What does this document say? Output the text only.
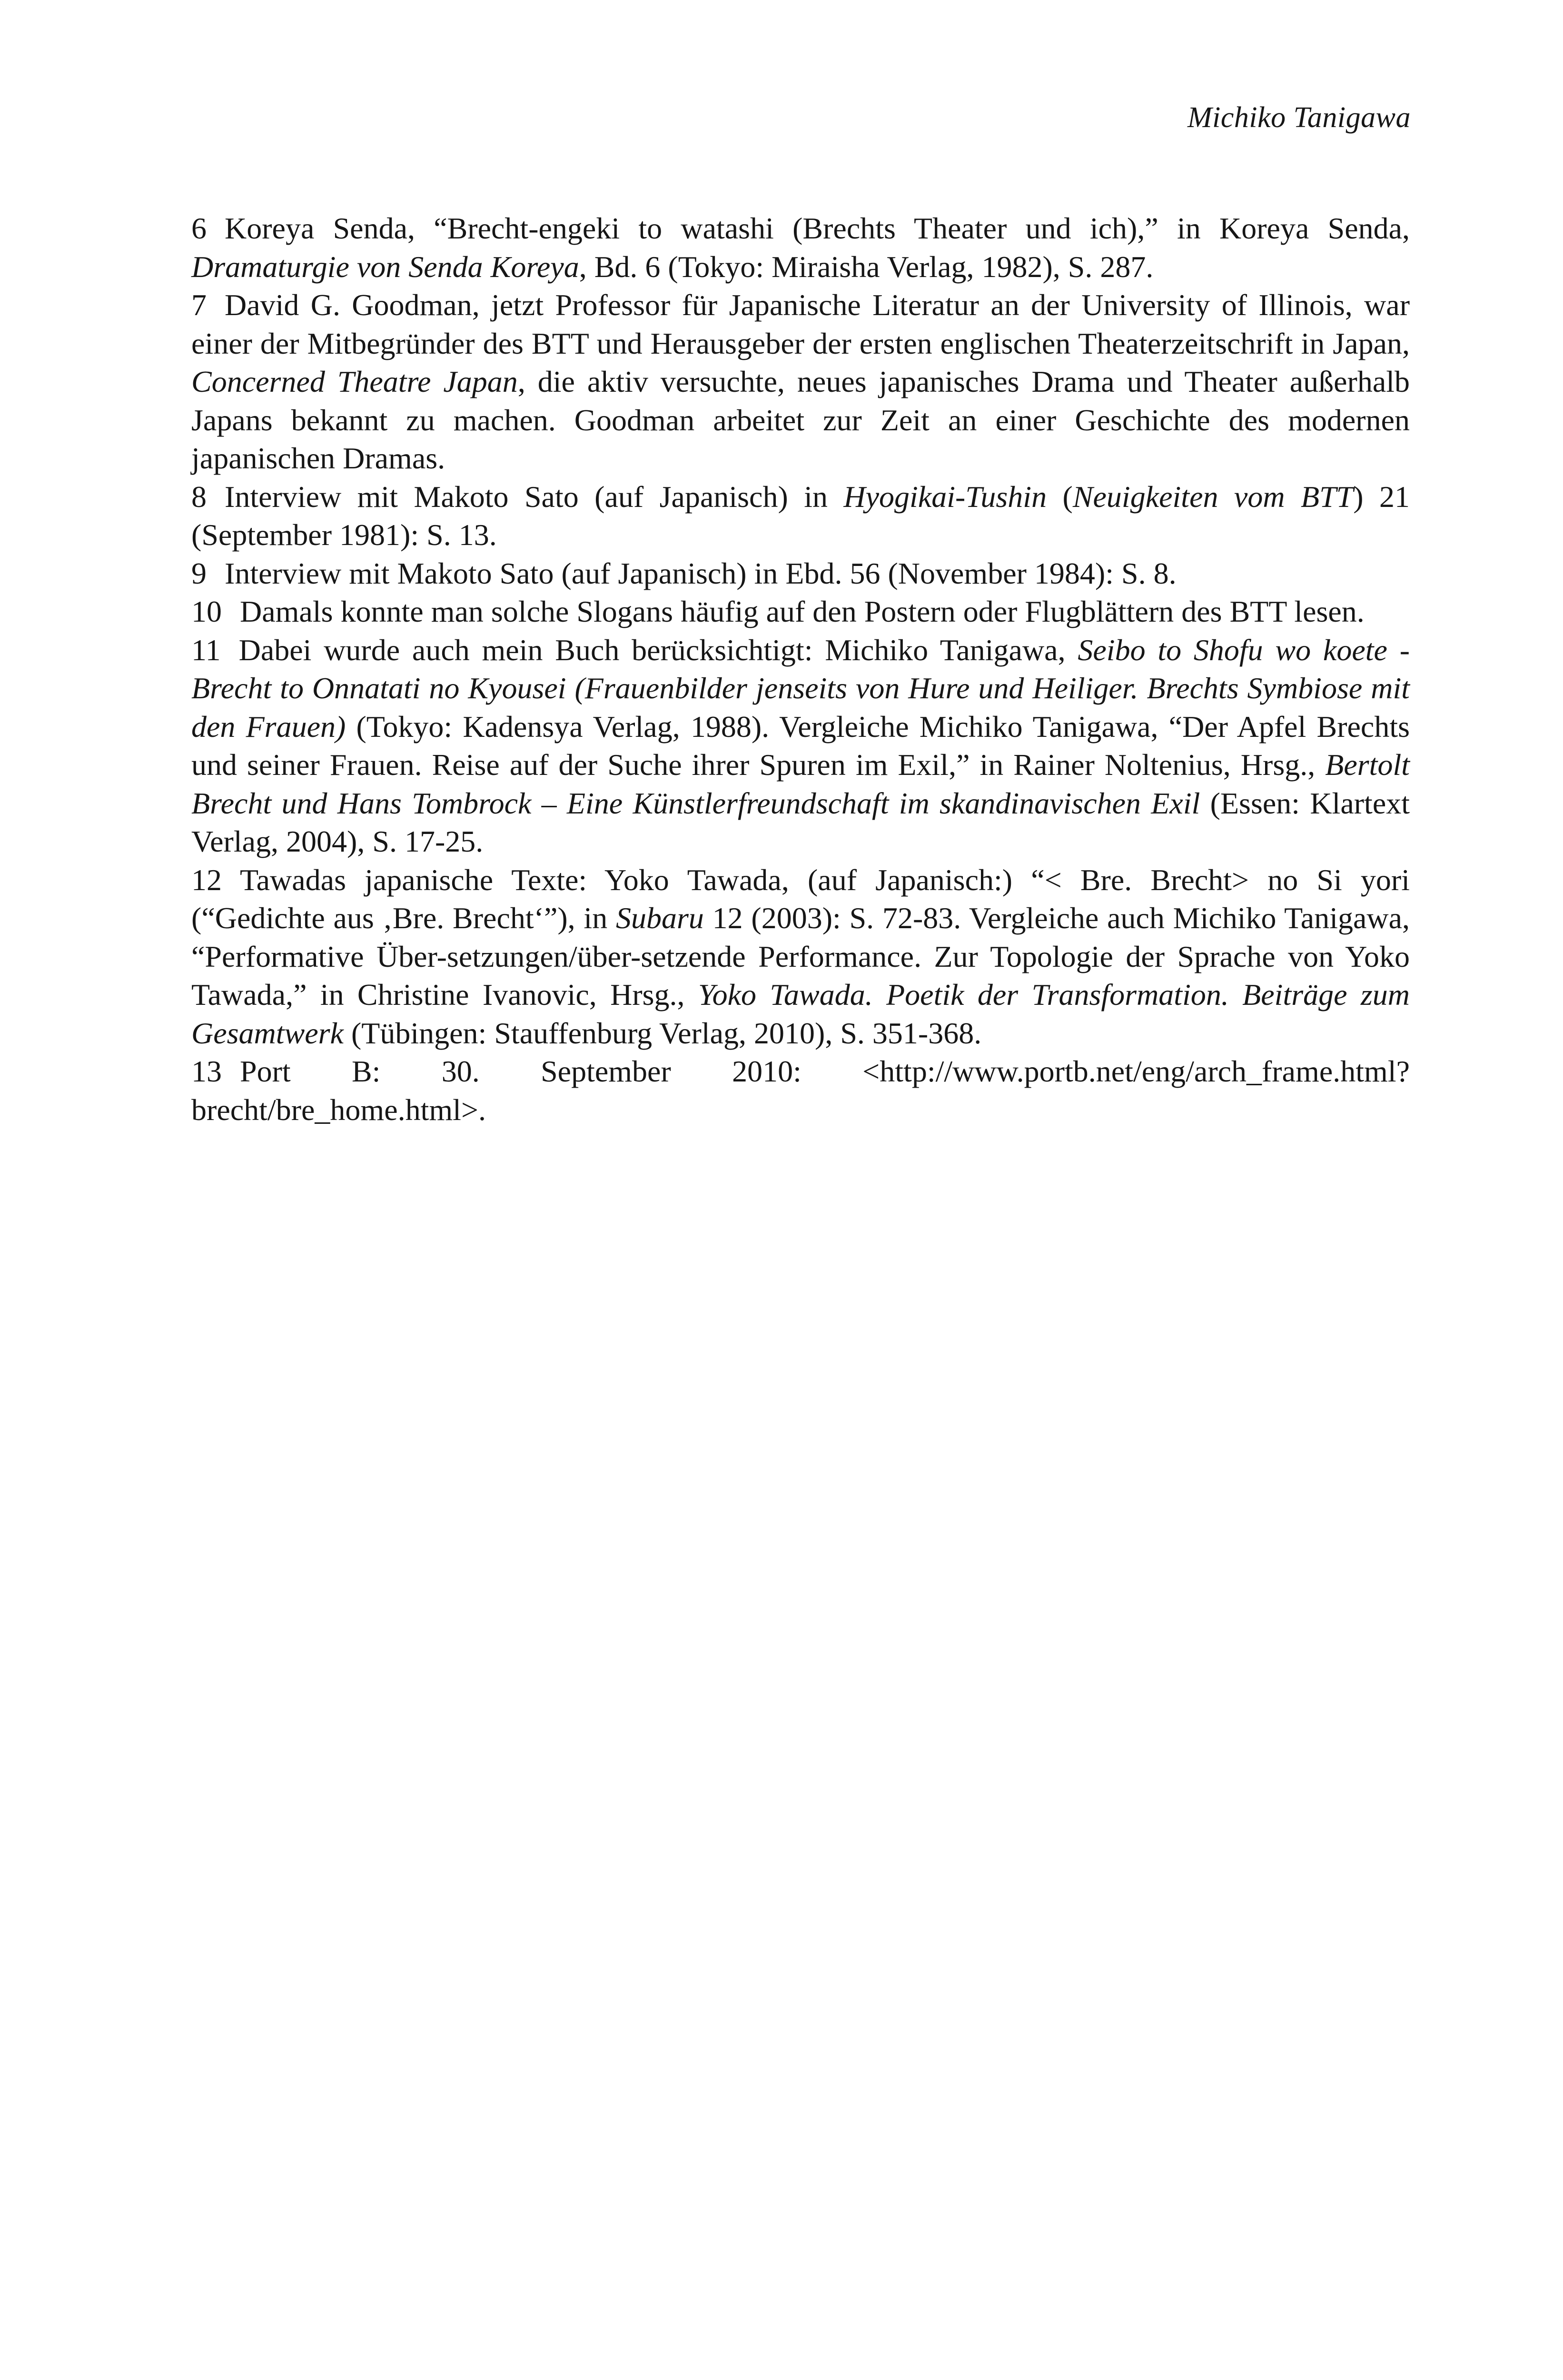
Michiko Tanigawa

6 Koreya Senda, “Brecht-engeki to watashi (Brechts Theater und ich),” in Koreya Senda, Dramaturgie von Senda Koreya, Bd. 6 (Tokyo: Miraisha Verlag, 1982), S. 287.

7 David G. Goodman, jetzt Professor für Japanische Literatur an der University of Illinois, war einer der Mitbegründer des BTT und Herausgeber der ersten englischen Theaterzeitschrift in Japan, Concerned Theatre Japan, die aktiv versuchte, neues japanisches Drama und Theater außerhalb Japans bekannt zu machen. Goodman arbeitet zur Zeit an einer Geschichte des modernen japanischen Dramas.

8 Interview mit Makoto Sato (auf Japanisch) in Hyogikai-Tushin (Neuigkeiten vom BTT) 21 (September 1981): S. 13.

9 Interview mit Makoto Sato (auf Japanisch) in Ebd. 56 (November 1984): S. 8.

10 Damals konnte man solche Slogans häufig auf den Postern oder Flugblättern des BTT lesen.

11 Dabei wurde auch mein Buch berücksichtigt: Michiko Tanigawa, Seibo to Shofu wo koete -Brecht to Onnatati no Kyousei (Frauenbilder jenseits von Hure und Heiliger. Brechts Symbiose mit den Frauen) (Tokyo: Kadensya Verlag, 1988). Vergleiche Michiko Tanigawa, “Der Apfel Brechts und seiner Frauen. Reise auf der Suche ihrer Spuren im Exil,” in Rainer Noltenius, Hrsg., Bertolt Brecht und Hans Tombrock – Eine Künstlerfreundschaft im skandinavischen Exil (Essen: Klartext Verlag, 2004), S. 17-25.

12 Tawadas japanische Texte: Yoko Tawada, (auf Japanisch:) “< Bre. Brecht> no Si yori (“Gedichte aus ‚Bre. Brecht‘”), in Subaru 12 (2003): S. 72-83. Vergleiche auch Michiko Tanigawa, “Performative Über-setzungen/über-setzende Performance. Zur Topologie der Sprache von Yoko Tawada,” in Christine Ivanovic, Hrsg., Yoko Tawada. Poetik der Transformation. Beiträge zum Gesamtwerk (Tübingen: Stauffenburg Verlag, 2010), S. 351-368.

13 Port B: 30. September 2010: <http://www.portb.net/eng/arch_frame.html?brecht/bre_home.html>.
